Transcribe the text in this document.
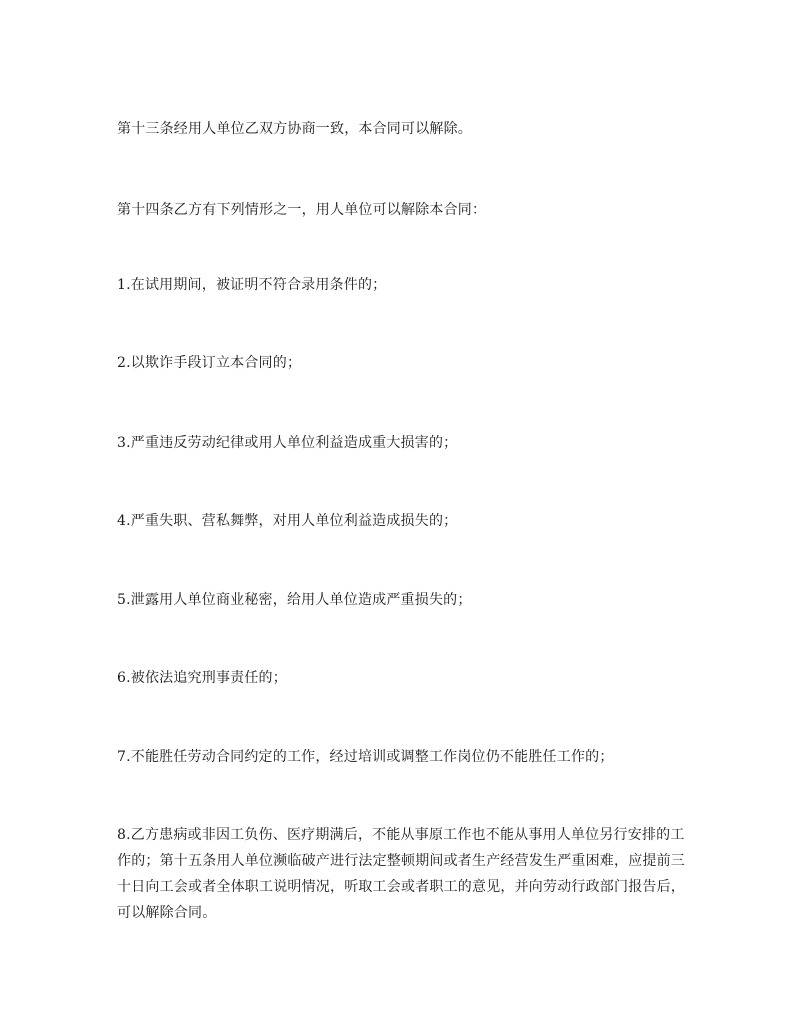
第十三条经用人单位乙双方协商一致，本合同可以解除。

第十四条乙方有下列情形之一，用人单位可以解除本合同：

1.在试用期间，被证明不符合录用条件的；

2.以欺诈手段订立本合同的；

3.严重违反劳动纪律或用人单位利益造成重大损害的；

4.严重失职、营私舞弊，对用人单位利益造成损失的；

5.泄露用人单位商业秘密，给用人单位造成严重损失的；

6.被依法追究刑事责任的；

7.不能胜任劳动合同约定的工作，经过培训或调整工作岗位仍不能胜任工作的；

8.乙方患病或非因工负伤、医疗期满后，不能从事原工作也不能从事用人单位另行安排的工作的；第十五条用人单位濒临破产进行法定整顿期间或者生产经营发生严重困难，应提前三十日向工会或者全体职工说明情况，听取工会或者职工的意见，并向劳动行政部门报告后，可以解除合同。
